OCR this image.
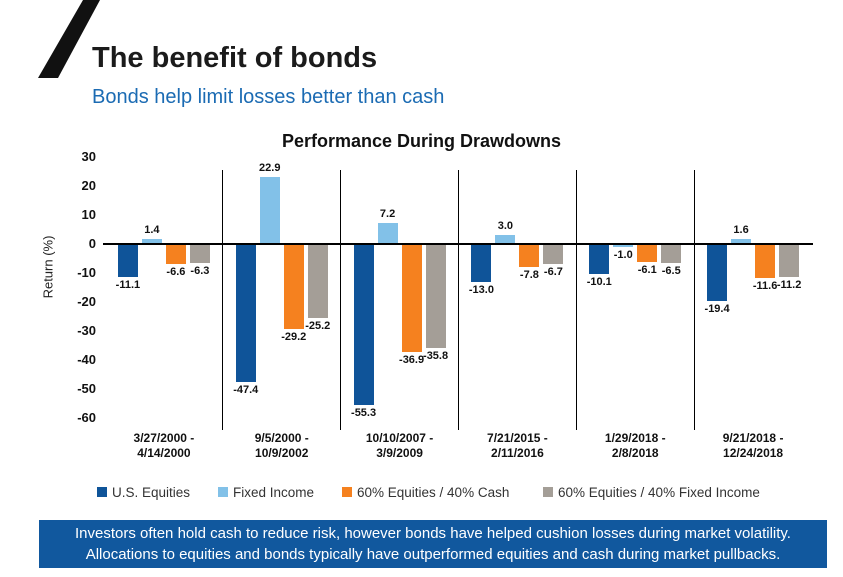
The benefit of bonds
Bonds help limit losses better than cash
Performance During Drawdowns
Return (%)
30
20
10
0
-10
-20
-30
-40
-50
-60
-11.1
1.4
-6.6 -6.3
3/27/2000 -
4/14/2000
-47.4
22.9
-29.2
-25.2
9/5/2000 -
10/9/2002
-55.3
7.2
-36.9
-35.8
10/10/2007 -
3/9/2009
-13.0
3.0
-7.8 -6.7
7/21/2015 -
2/11/2016
-10.1
-1.0
-6.1 -6.5
1/29/2018 -
2/8/2018
-19.4
1.6
-11.6 -11.2
9/21/2018 -
12/24/2018
U.S. Equities	Fixed Income	60% Equities / 40% Cash	60% Equities / 40% Fixed Income
Investors often hold cash to reduce risk, however bonds have helped cushion losses during market volatility.
Allocations to equities and bonds typically have outperformed equities and cash during market pullbacks.
